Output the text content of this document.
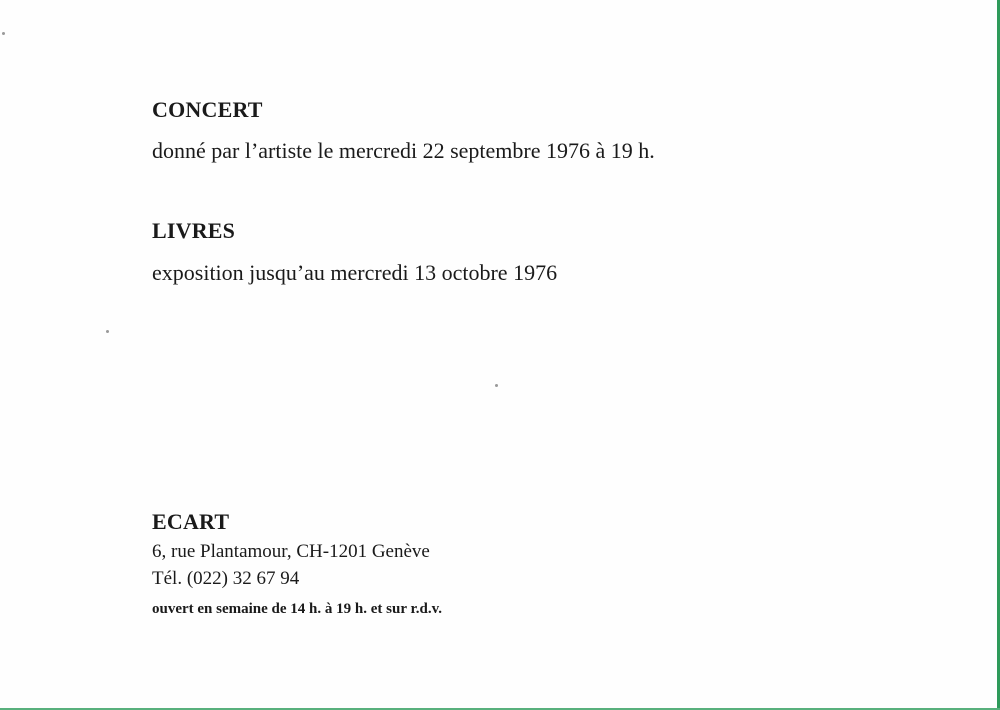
CONCERT
donné par l’artiste le mercredi 22 septembre 1976 à 19 h.
LIVRES
exposition jusqu’au mercredi 13 octobre 1976
ECART
6, rue Plantamour, CH-1201 Genève
Tél. (022) 32 67 94
ouvert en semaine de 14 h. à 19 h. et sur r.d.v.
